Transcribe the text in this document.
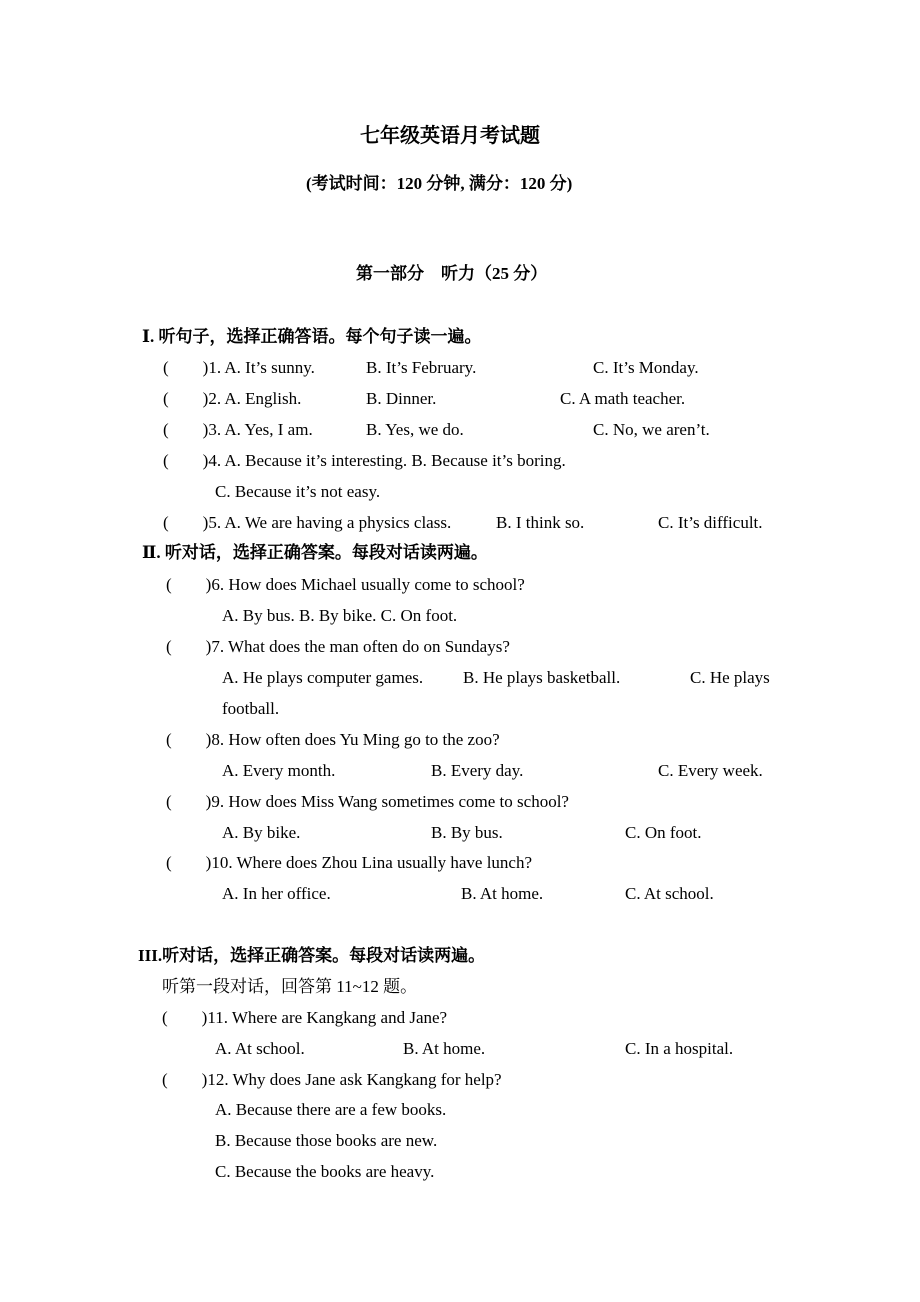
七年级英语月考试题
(考试时间：120 分钟, 满分：120 分)
第一部分　听力（25 分）
Ⅰ. 听句子，选择正确答语。每个句子读一遍。
(　　)1. A. It’s sunny.	B. It’s February.	C. It’s Monday.
(　　)2. A. English.	B. Dinner.	C. A math teacher.
(　　)3. A. Yes, I am.	B. Yes, we do.	C. No, we aren’t.
(　　)4. A. Because it’s interesting. B. Because it’s boring.
C. Because it’s not easy.
(　　)5. A. We are having a physics class.	B. I think so.	C. It’s difficult.
Ⅱ. 听对话，选择正确答案。每段对话读两遍。
(　　)6. How does Michael usually come to school?
A. By bus. B. By bike. C. On foot.
(　　)7. What does the man often do on Sundays?
A. He plays computer games. B. He plays basketball.	C. He plays
football.
(　　)8. How often does Yu Ming go to the zoo?
A. Every month.	B. Every day.	C. Every week.
(　　)9. How does Miss Wang sometimes come to school?
A. By bike.	B. By bus.	C. On foot.
(　　)10. Where does Zhou Lina usually have lunch?
A. In her office.	B. At home.	C. At school.
III.听对话，选择正确答案。每段对话读两遍。
听第一段对话，回答第 11~12 题。
(　　)11. Where are Kangkang and Jane?
A. At school.	B. At home.	C. In a hospital.
(　　)12. Why does Jane ask Kangkang for help?
A. Because there are a few books.
B. Because those books are new.
C. Because the books are heavy.
